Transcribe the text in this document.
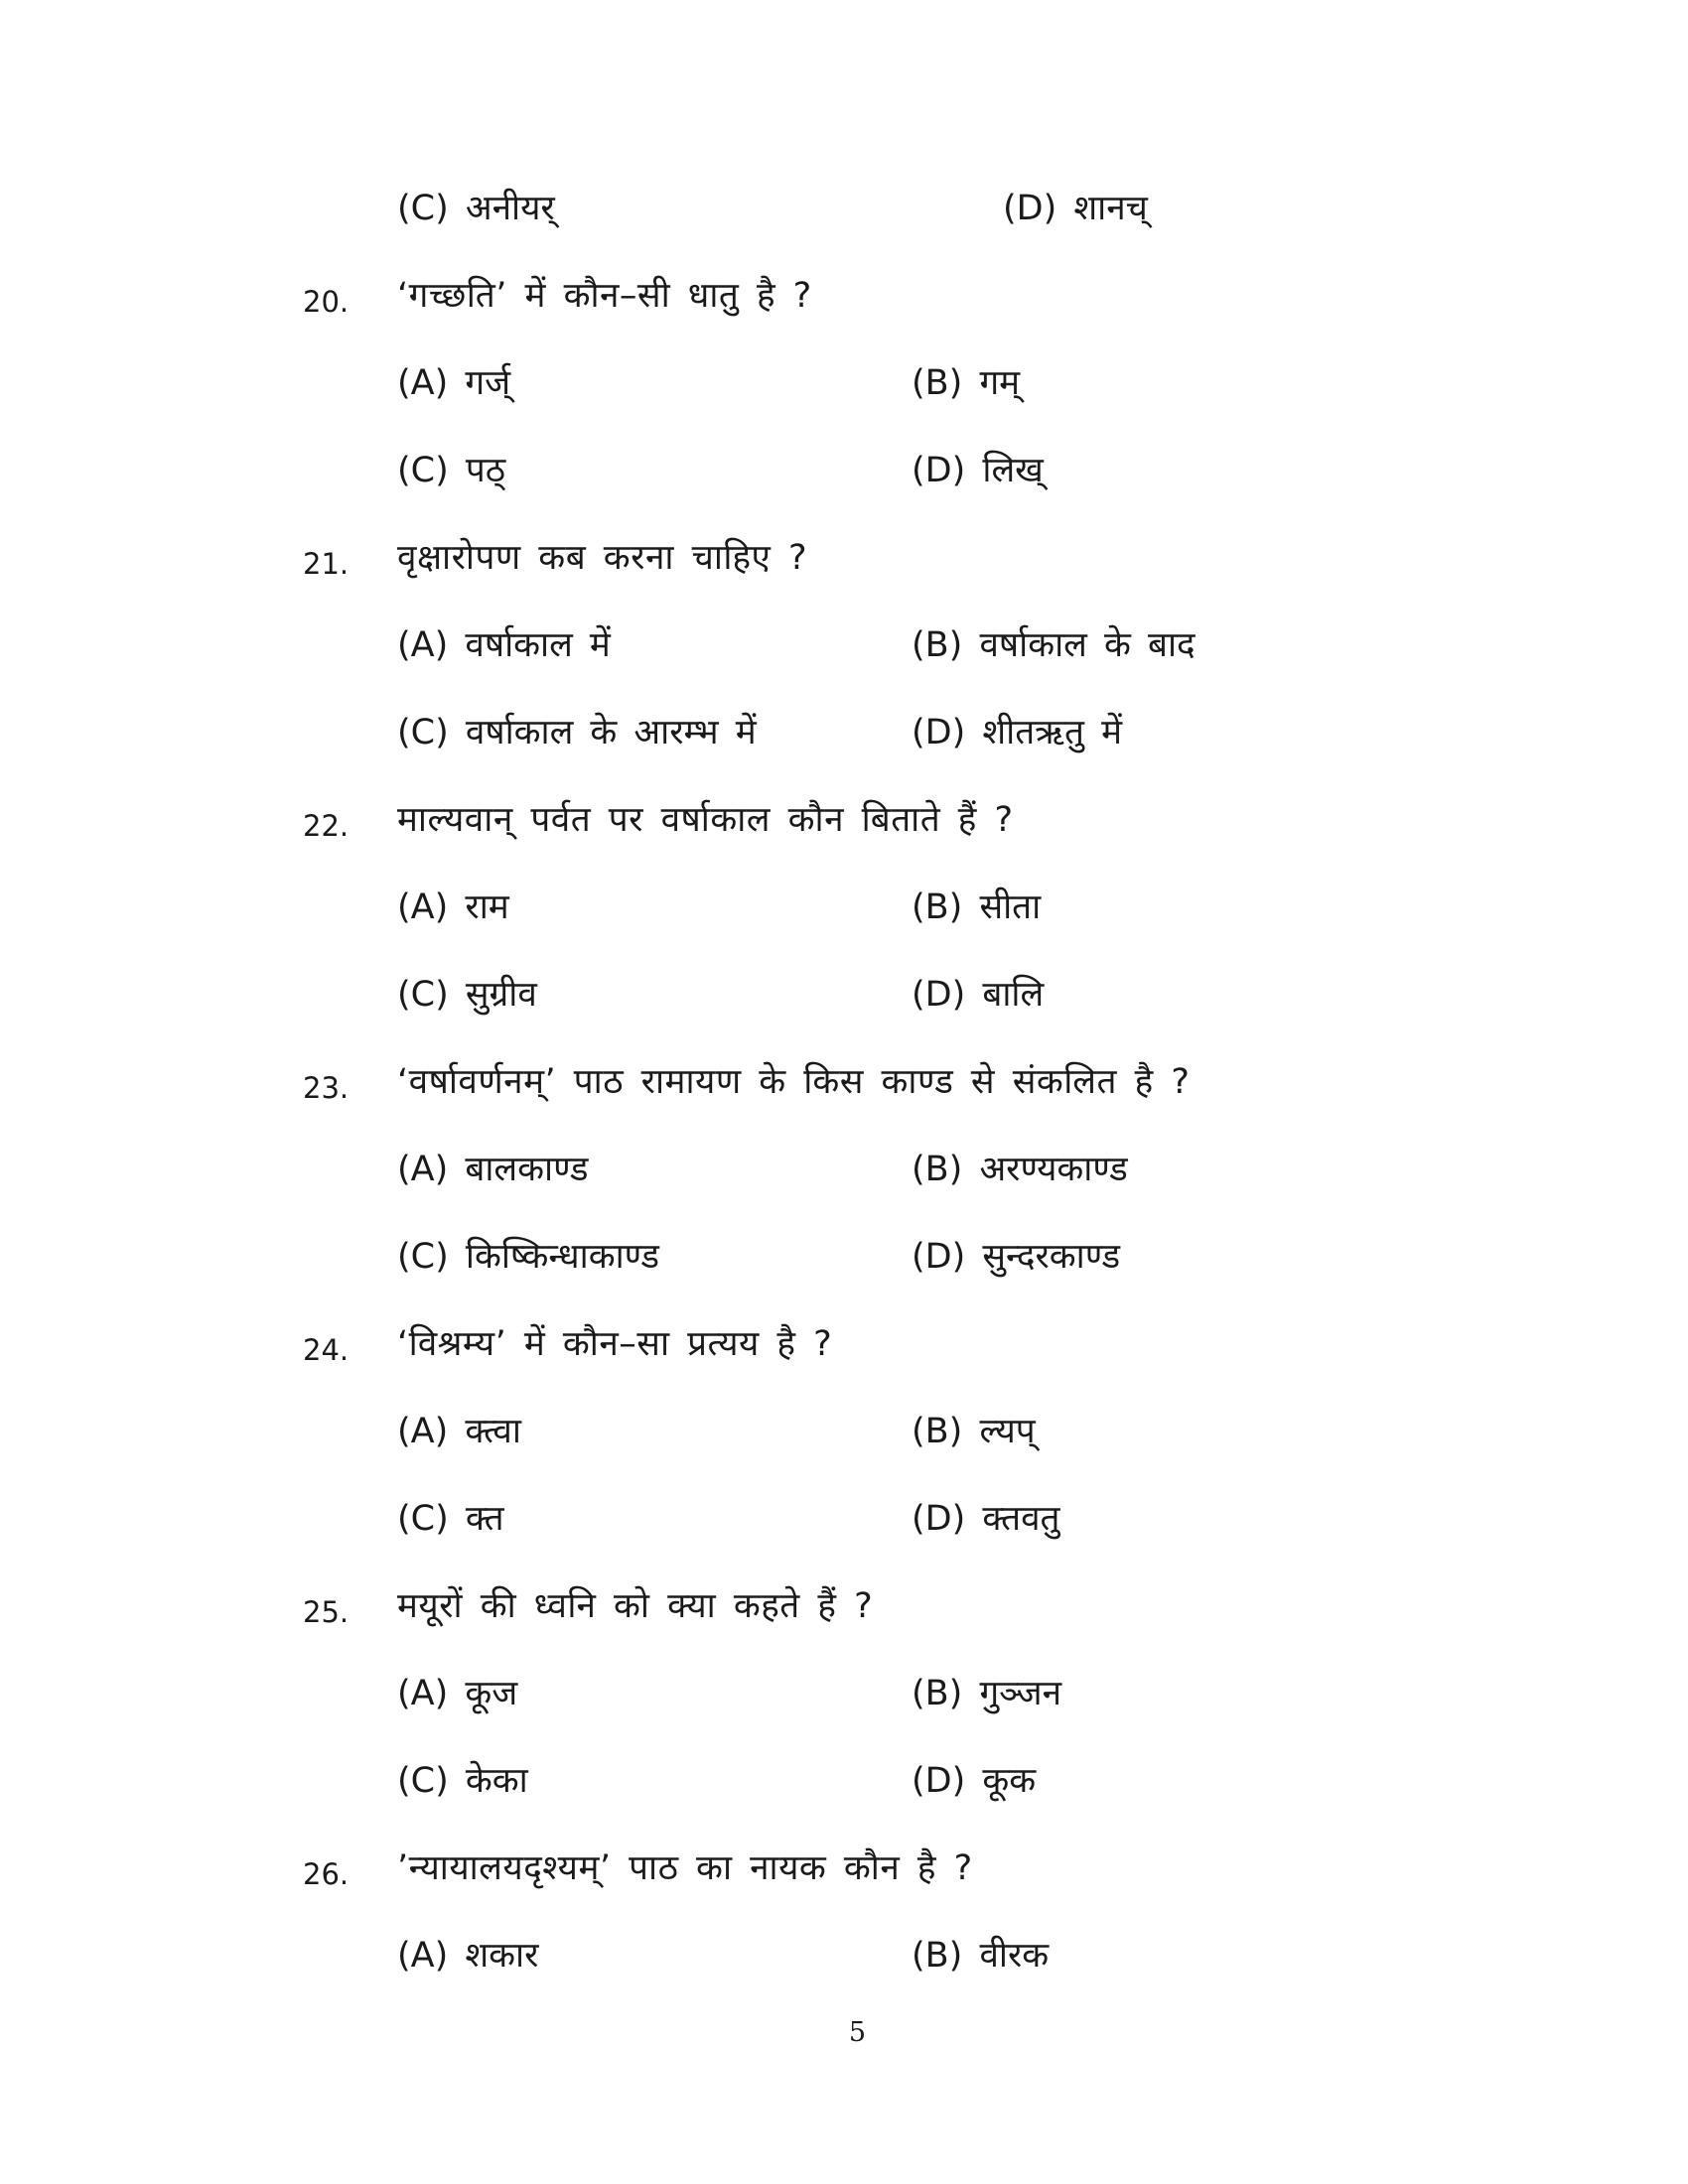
(C) अनीयर्	(D) शानच्
20. ‘गच्छति’ में कौन–सी धातु है ?
(A) गर्ज्	(B) गम्
(C) पठ्	(D) लिख्
21. वृक्षारोपण कब करना चाहिए ?
(A) वर्षाकाल में	(B) वर्षाकाल के बाद
(C) वर्षाकाल के आरम्भ में	(D) शीतऋतु में
22. माल्यवान् पर्वत पर वर्षाकाल कौन बिताते हैं ?
(A) राम	(B) सीता
(C) सुग्रीव	(D) बालि
23. ‘वर्षावर्णनम्’ पाठ रामायण के किस काण्ड से संकलित है ?
(A) बालकाण्ड	(B) अरण्यकाण्ड
(C) किष्किन्धाकाण्ड	(D) सुन्दरकाण्ड
24. ‘विश्रम्य’ में कौन–सा प्रत्यय है ?
(A) क्त्वा	(B) ल्यप्
(C) क्त	(D) क्तवतु
25. मयूरों की ध्वनि को क्या कहते हैं ?
(A) कूज	(B) गुञ्जन
(C) केका	(D) कूक
26. ’न्यायालयदृश्यम्’ पाठ का नायक कौन है ?
(A) शकार	(B) वीरक
5
